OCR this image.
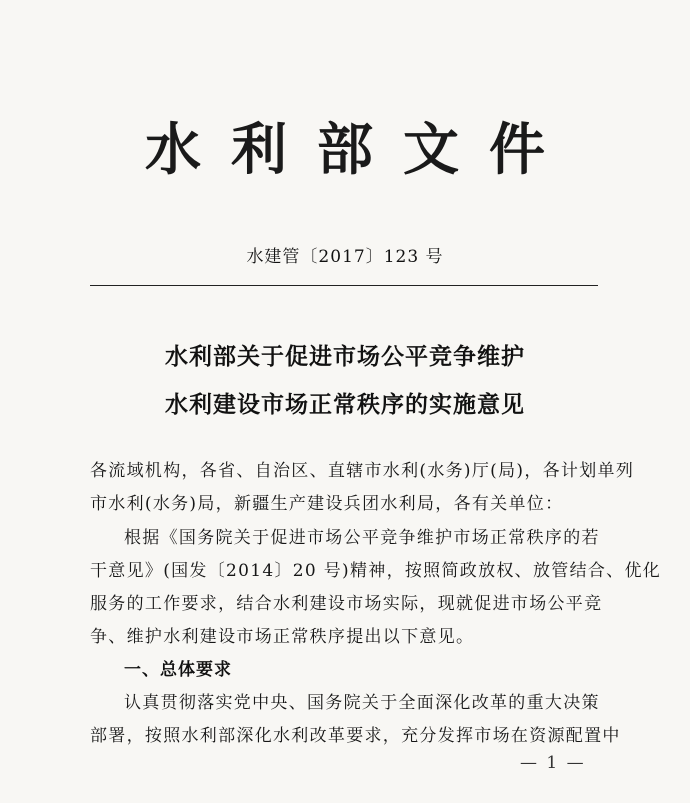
水利部文件
水建管〔2017〕123 号
水利部关于促进市场公平竞争维护
水利建设市场正常秩序的实施意见
各流域机构，各省、自治区、直辖市水利(水务)厅(局)，各计划单列
市水利(水务)局，新疆生产建设兵团水利局，各有关单位：
根据《国务院关于促进市场公平竞争维护市场正常秩序的若
干意见》(国发〔2014〕20 号)精神，按照简政放权、放管结合、优化
服务的工作要求，结合水利建设市场实际，现就促进市场公平竞
争、维护水利建设市场正常秩序提出以下意见。
一、总体要求
认真贯彻落实党中央、国务院关于全面深化改革的重大决策
部署，按照水利部深化水利改革要求，充分发挥市场在资源配置中
— 1 —
